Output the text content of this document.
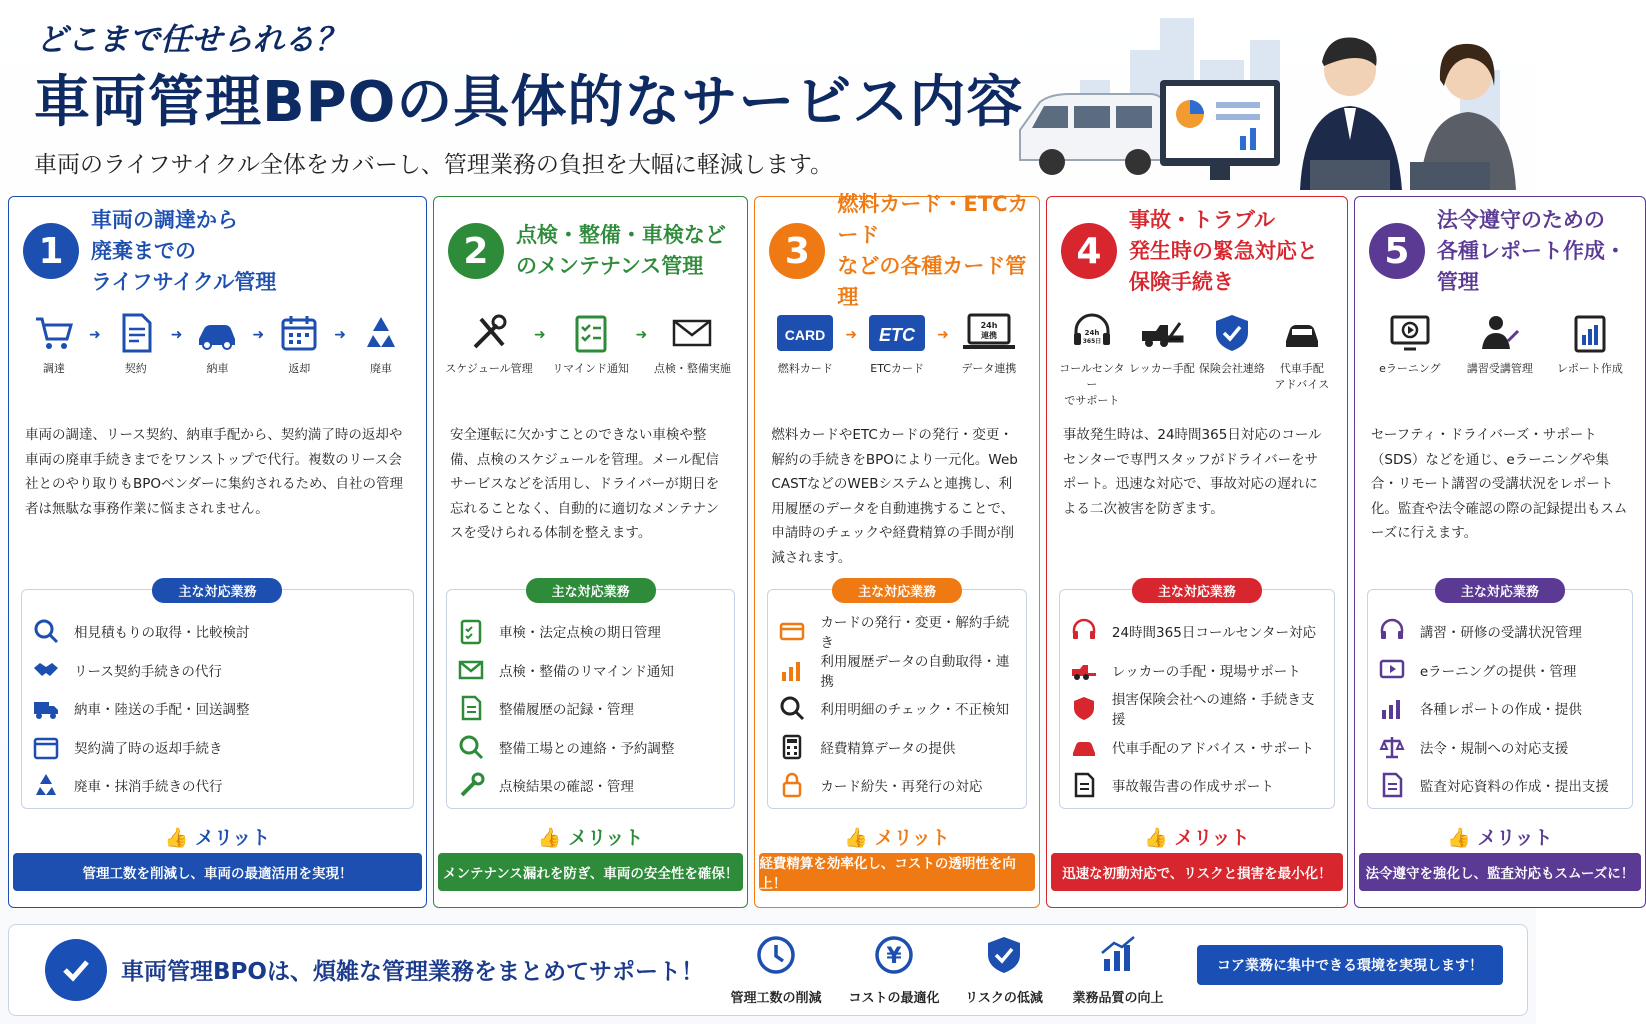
どこまで任せられる？
車両管理BPOの具体的なサービス内容
車両のライフサイクル全体をカバーし、管理業務の負担を大幅に軽減します。
1
車両の調達から
廃棄までの
ライフサイクル管理
調達
➜
契約
➜
納車
➜
返却
➜
廃車
車両の調達、リース契約、納車手配から、契約満了時の返却や車両の廃車手続きまでをワンストップで代行。複数のリース会社とのやり取りもBPOベンダーに集約されるため、自社の管理者は無駄な事務作業に悩まされません。
主な対応業務
相見積もりの取得・比較検討
リース契約手続きの代行
納車・陸送の手配・回送調整
契約満了時の返却手続き
廃車・抹消手続きの代行
👍 メリット
管理工数を削減し、車両の最適活用を実現！
2	点検・整備・車検など
のメンテナンス管理
スケジュール管理
➜
リマインド通知
➜
点検・整備実施
安全運転に欠かすことのできない車検や整備、点検のスケジュールを管理。メール配信サービスなどを活用し、ドライバーが期日を忘れることなく、自動的に適切なメンテナンスを受けられる体制を整えます。
主な対応業務
車検・法定点検の期日管理
点検・整備のリマインド通知
整備履歴の記録・管理
整備工場との連絡・予約調整
点検結果の確認・管理
👍 メリット
メンテナンス漏れを防ぎ、車両の安全性を確保！
3
燃料カード・ETCカード
などの各種カード管理
CARD
燃料カード
➜ ETC
ETCカード
➜
24h
連携
データ連携
燃料カードやETCカードの発行・変更・解約の手続きをBPOにより一元化。Web CASTなどのWEBシステムと連携し、利用履歴のデータを自動連携することで、申請時のチェックや経費精算の手間が削減されます。
主な対応業務
カードの発行・変更・解約手続き
利用履歴データの自動取得・連携
利用明細のチェック・不正検知
経費精算データの提供
カード紛失・再発行の対応
👍 メリット
経費精算を効率化し、コストの透明性を向上！
4
事故・トラブル
発生時の緊急対応と
保険手続き
24h
365日
コールセンター
でサポート
レッカー手配 保険会社連絡	代車手配
アドバイス
事故発生時は、24時間365日対応のコールセンターで専門スタッフがドライバーをサポート。迅速な対応で、事故対応の遅れによる二次被害を防ぎます。
主な対応業務
24時間365日コールセンター対応
レッカーの手配・現場サポート
損害保険会社への連絡・手続き支援
代車手配のアドバイス・サポート
事故報告書の作成サポート
👍 メリット
迅速な初動対応で、リスクと損害を最小化！
5
法令遵守のための
各種レポート作成・管理
eラーニング 講習受講管理 レポート作成
セーフティ・ドライバーズ・サポート（SDS）などを通じ、eラーニングや集合・リモート講習の受講状況をレポート化。監査や法令確認の際の記録提出もスムーズに行えます。
主な対応業務
講習・研修の受講状況管理
eラーニングの提供・管理
各種レポートの作成・提供
法令・規制への対応支援
監査対応資料の作成・提出支援
👍 メリット
法令遵守を強化し、監査対応もスムーズに！
車両管理BPOは、煩雑な管理業務をまとめてサポート！
管理工数の削減
¥
コストの最適化	リスクの低減	業務品質の向上
コア業務に集中できる環境を実現します！
